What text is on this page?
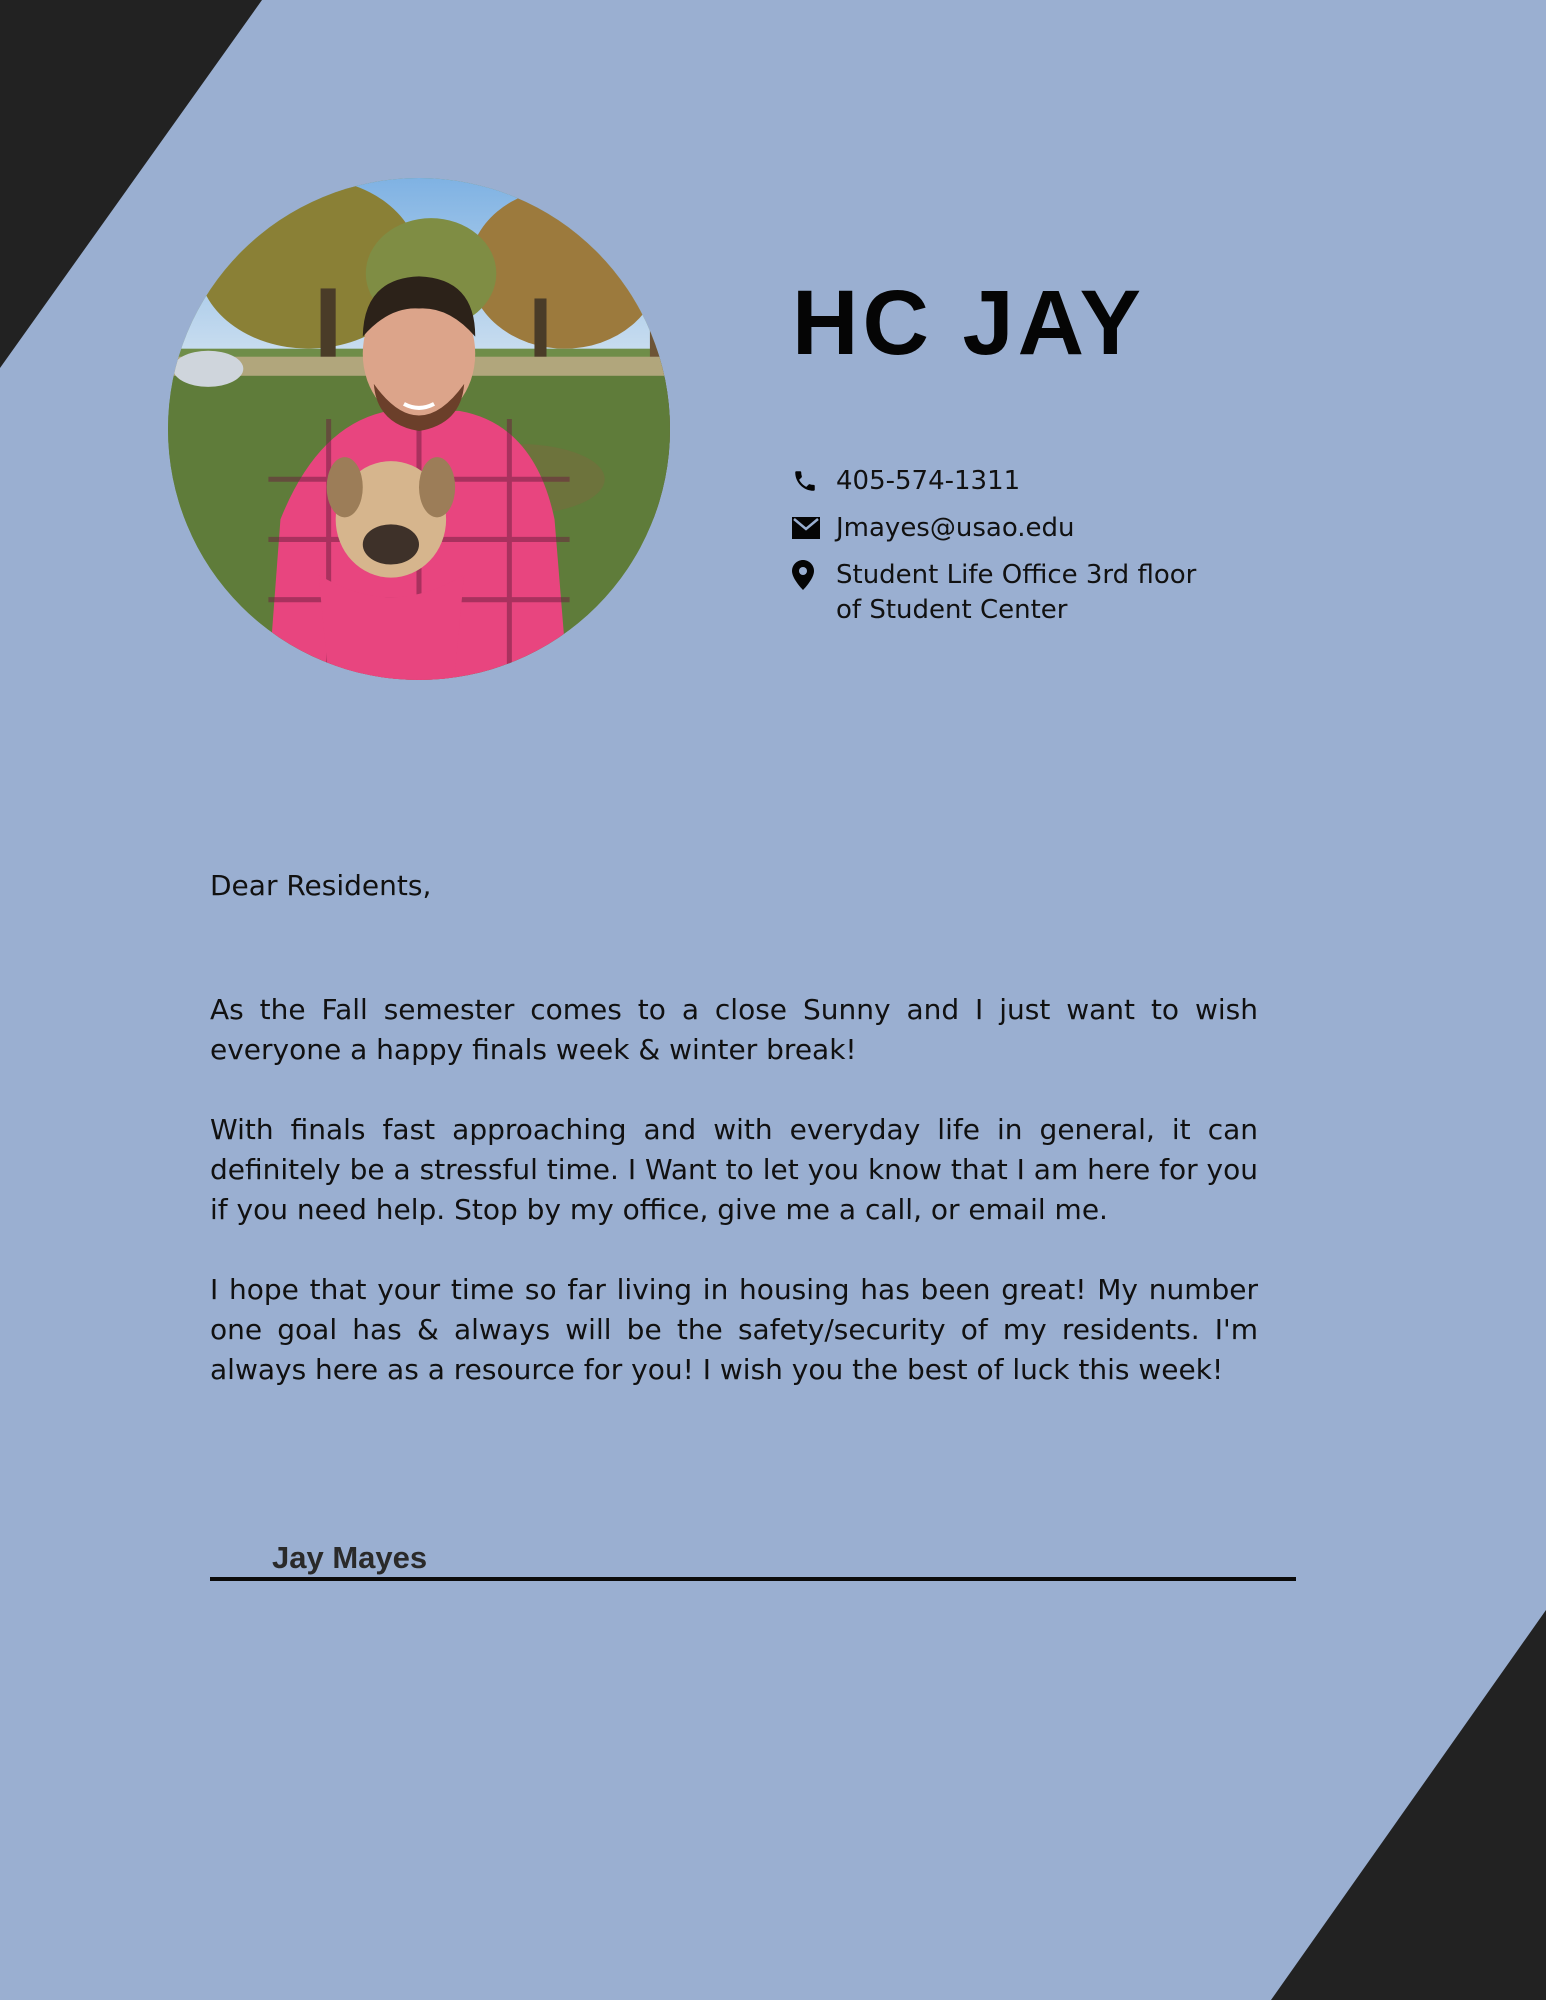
HC JAY
405-574-1311
Jmayes@usao.edu
Student Life Office 3rd floor
of Student Center

Dear Residents,

As the Fall semester comes to a close Sunny and I just want to wish everyone a happy finals week & winter break!

With finals fast approaching and with everyday life in general, it can definitely be a stressful time. I Want to let you know that I am here for you if you need help. Stop by my office, give me a call, or email me.

I hope that your time so far living in housing has been great! My number one goal has & always will be the safety/security of my residents. I'm always here as a resource for you! I wish you the best of luck this week!

Jay Mayes
